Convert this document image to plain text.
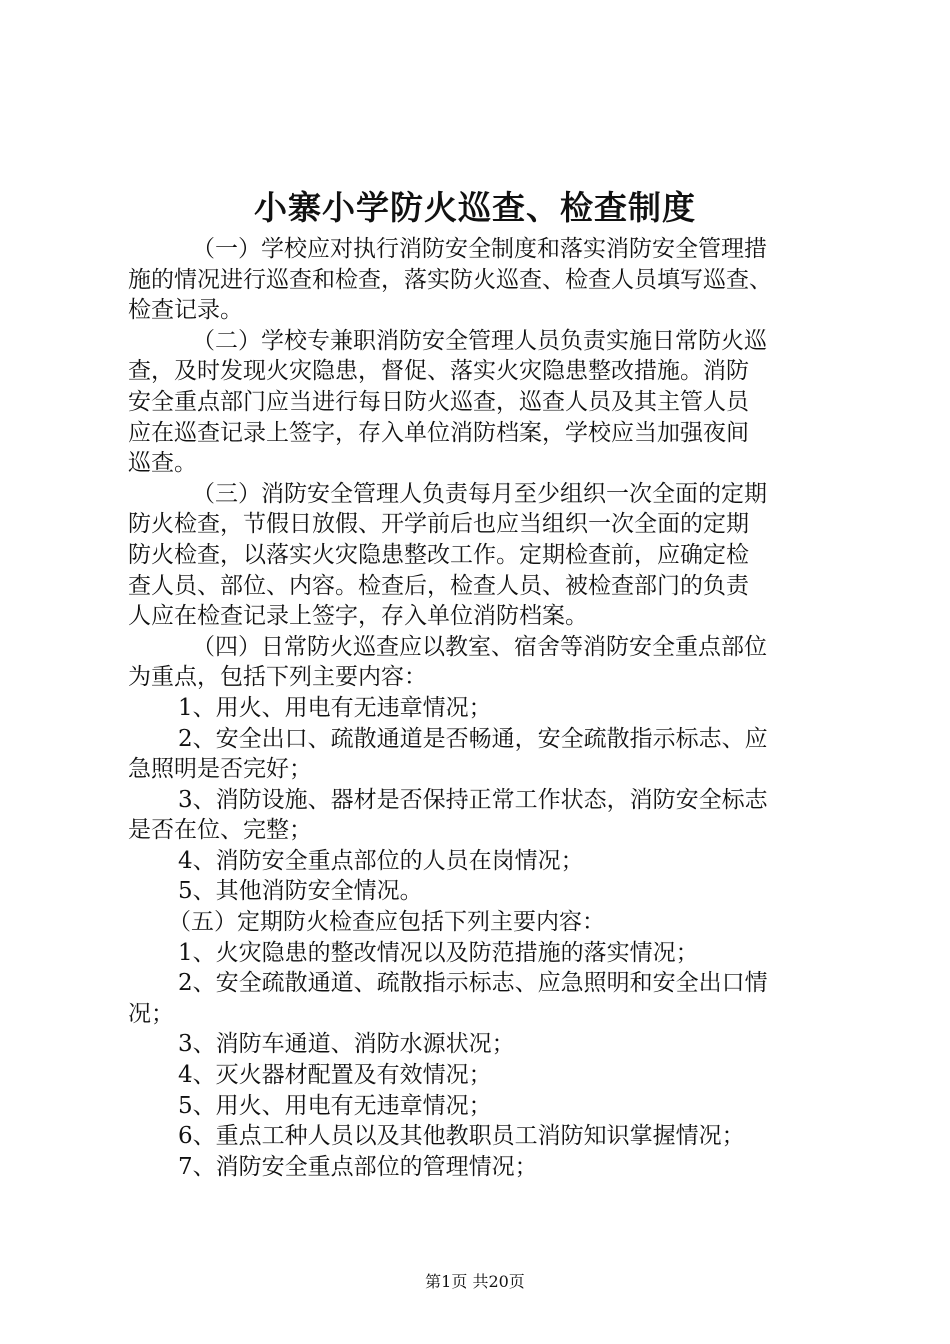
小寨小学防火巡查、检查制度
（一）学校应对执行消防安全制度和落实消防安全管理措
施的情况进行巡查和检查，落实防火巡查、检查人员填写巡查、
检查记录。
（二）学校专兼职消防安全管理人员负责实施日常防火巡
查，及时发现火灾隐患，督促、落实火灾隐患整改措施。消防
安全重点部门应当进行每日防火巡查，巡查人员及其主管人员
应在巡查记录上签字，存入单位消防档案，学校应当加强夜间
巡查。
（三）消防安全管理人负责每月至少组织一次全面的定期
防火检查，节假日放假、开学前后也应当组织一次全面的定期
防火检查，以落实火灾隐患整改工作。定期检查前，应确定检
查人员、部位、内容。检查后，检查人员、被检查部门的负责
人应在检查记录上签字，存入单位消防档案。
（四）日常防火巡查应以教室、宿舍等消防安全重点部位
为重点，包括下列主要内容：
1、用火、用电有无违章情况；
2、安全出口、疏散通道是否畅通，安全疏散指示标志、应
急照明是否完好；
3、消防设施、器材是否保持正常工作状态，消防安全标志
是否在位、完整；
4、消防安全重点部位的人员在岗情况；
5、其他消防安全情况。
（五）定期防火检查应包括下列主要内容：
1、火灾隐患的整改情况以及防范措施的落实情况；
2、安全疏散通道、疏散指示标志、应急照明和安全出口情
况；
3、消防车通道、消防水源状况；
4、灭火器材配置及有效情况；
5、用火、用电有无违章情况；
6、重点工种人员以及其他教职员工消防知识掌握情况；
7、消防安全重点部位的管理情况；
第1页 共20页
